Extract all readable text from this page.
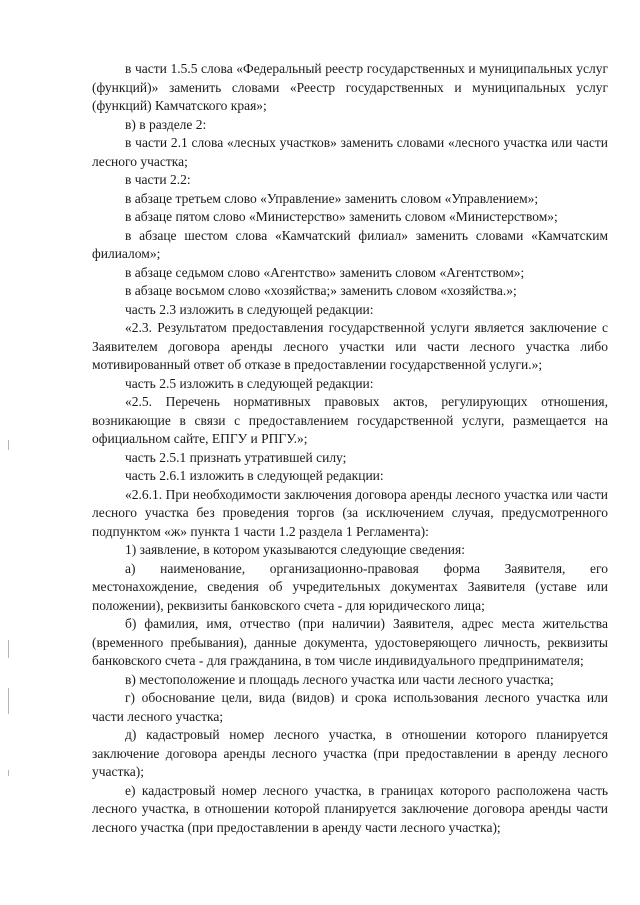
в части 1.5.5 слова «Федеральный реестр государственных и муниципальных услуг (функций)» заменить словами «Реестр государственных и муниципальных услуг (функций) Камчатского края»;

в) в разделе 2:

в части 2.1 слова «лесных участков» заменить словами «лесного участка или части лесного участка;

в части 2.2:

в абзаце третьем слово «Управление» заменить словом «Управлением»;

в абзаце пятом слово «Министерство» заменить словом «Министерством»;

в абзаце шестом слова «Камчатский филиал» заменить словами «Камчатским филиалом»;

в абзаце седьмом слово «Агентство» заменить словом «Агентством»;

в абзаце восьмом слово «хозяйства;» заменить словом «хозяйства.»;

часть 2.3 изложить в следующей редакции:

«2.3. Результатом предоставления государственной услуги является заключение с Заявителем договора аренды лесного участки или части лесного участка либо мотивированный ответ об отказе в предоставлении государственной услуги.»;

часть 2.5 изложить в следующей редакции:

«2.5. Перечень нормативных правовых актов, регулирующих отношения, возникающие в связи с предоставлением государственной услуги, размещается на официальном сайте, ЕПГУ и РПГУ.»;

часть 2.5.1 признать утратившей силу;

часть 2.6.1 изложить в следующей редакции:

«2.6.1. При необходимости заключения договора аренды лесного участка или части лесного участка без проведения торгов (за исключением случая, предусмотренного подпунктом «ж» пункта 1 части 1.2 раздела 1 Регламента):

1) заявление, в котором указываются следующие сведения:

а) наименование, организационно-правовая форма Заявителя, его местонахождение, сведения об учредительных документах Заявителя (уставе или положении), реквизиты банковского счета - для юридического лица;

б) фамилия, имя, отчество (при наличии) Заявителя, адрес места жительства (временного пребывания), данные документа, удостоверяющего личность, реквизиты банковского счета - для гражданина, в том числе индивидуального предпринимателя;

в) местоположение и площадь лесного участка или части лесного участка;

г) обоснование цели, вида (видов) и срока использования лесного участка или части лесного участка;

д) кадастровый номер лесного участка, в отношении которого планируется заключение договора аренды лесного участка (при предоставлении в аренду лесного участка);

е) кадастровый номер лесного участка, в границах которого расположена часть лесного участка, в отношении которой планируется заключение договора аренды части лесного участка (при предоставлении в аренду части лесного участка);
